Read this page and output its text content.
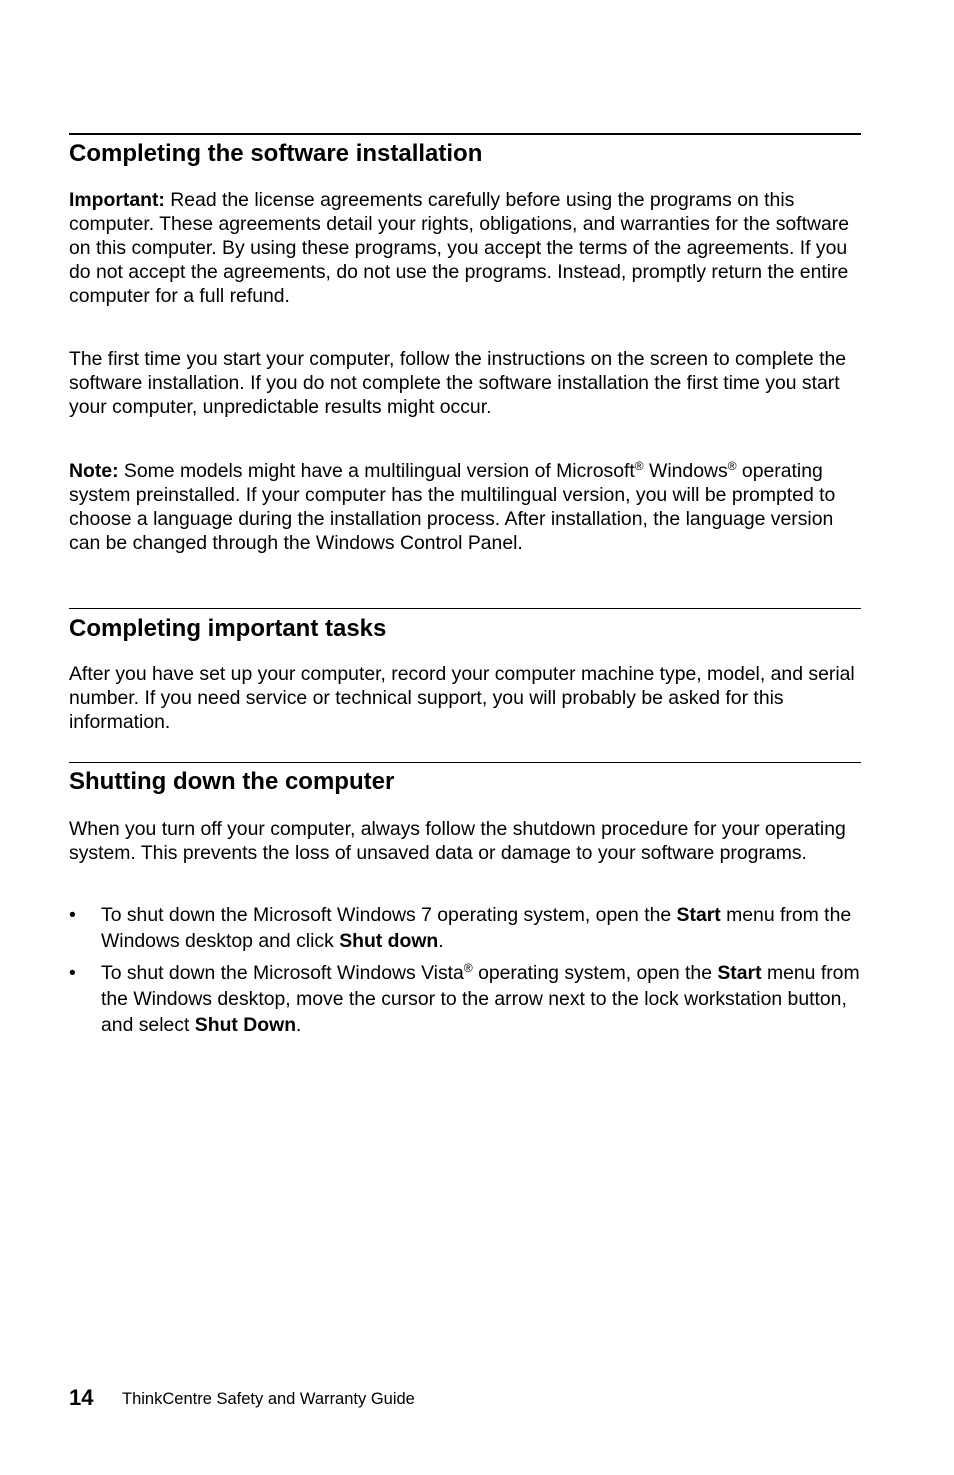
Completing the software installation

Important: Read the license agreements carefully before using the programs on this computer. These agreements detail your rights, obligations, and warranties for the software on this computer. By using these programs, you accept the terms of the agreements. If you do not accept the agreements, do not use the programs. Instead, promptly return the entire computer for a full refund.

The first time you start your computer, follow the instructions on the screen to complete the software installation. If you do not complete the software installation the first time you start your computer, unpredictable results might occur.

Note: Some models might have a multilingual version of Microsoft® Windows® operating system preinstalled. If your computer has the multilingual version, you will be prompted to choose a language during the installation process. After installation, the language version can be changed through the Windows Control Panel.

Completing important tasks

After you have set up your computer, record your computer machine type, model, and serial number. If you need service or technical support, you will probably be asked for this information.

Shutting down the computer

When you turn off your computer, always follow the shutdown procedure for your operating system. This prevents the loss of unsaved data or damage to your software programs.

• To shut down the Microsoft Windows 7 operating system, open the Start menu from the Windows desktop and click Shut down.
• To shut down the Microsoft Windows Vista® operating system, open the Start menu from the Windows desktop, move the cursor to the arrow next to the lock workstation button, and select Shut Down.
14 ThinkCentre Safety and Warranty Guide
